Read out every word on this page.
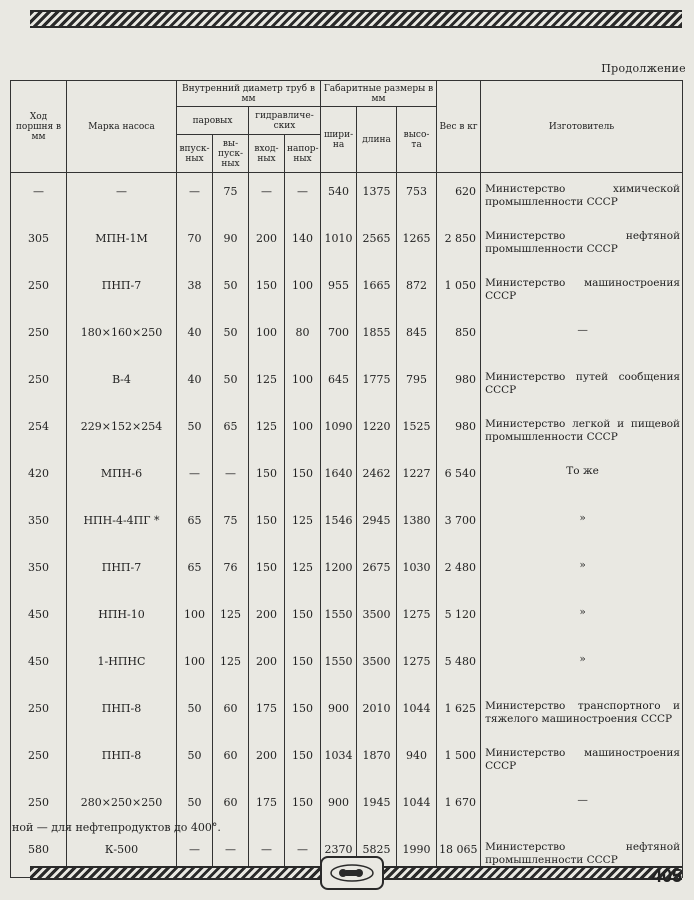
Продолжение
Ход поршня в мм	Марка насоса	Внутренний диаметр труб в мм				Габаритные размеры в мм			Вес в кг	Изготовитель
		паровых		гидравличе-ских		шири-на	длина	высо-та		
		впуск-ных	вы-пуск-ных	вход-ных	напор-ных					
—	—	—	75	—	—	540	1375	753	620	Министерство химической промышленности СССР
305	МПН-1М	70	90	200	140	1010	2565	1265	2 850	Министерство нефтяной промышленности СССР
250	ПНП-7	38	50	150	100	955	1665	872	1 050	Министерство машиностроения СССР
250	180×160×250	40	50	100	80	700	1855	845	850	—
250	В-4	40	50	125	100	645	1775	795	980	Министерство путей сообщения СССР
254	229×152×254	50	65	125	100	1090	1220	1525	980	Министерство легкой и пищевой промышленности СССР
420	МПН-6	—	—	150	150	1640	2462	1227	6 540	То же
350	НПН-4-4ПГ *	65	75	150	125	1546	2945	1380	3 700	»
350	ПНП-7	65	76	150	125	1200	2675	1030	2 480	»
450	НПН-10	100	125	200	150	1550	3500	1275	5 120	»
450	1-НПНС	100	125	200	150	1550	3500	1275	5 480	»
250	ПНП-8	50	60	175	150	900	2010	1044	1 625	Министерство транспортного и тяжелого машиностроения СССР
250	ПНП-8	50	60	200	150	1034	1870	940	1 500	Министерство машиностроения СССР
250	280×250×250	50	60	175	150	900	1945	1044	1 670	—
580	К-500	—	—	—	—	2370	5825	1990	18 065	Министерство нефтяной промышленности СССР
ной — для нефтепродуктов до 400°.
405
